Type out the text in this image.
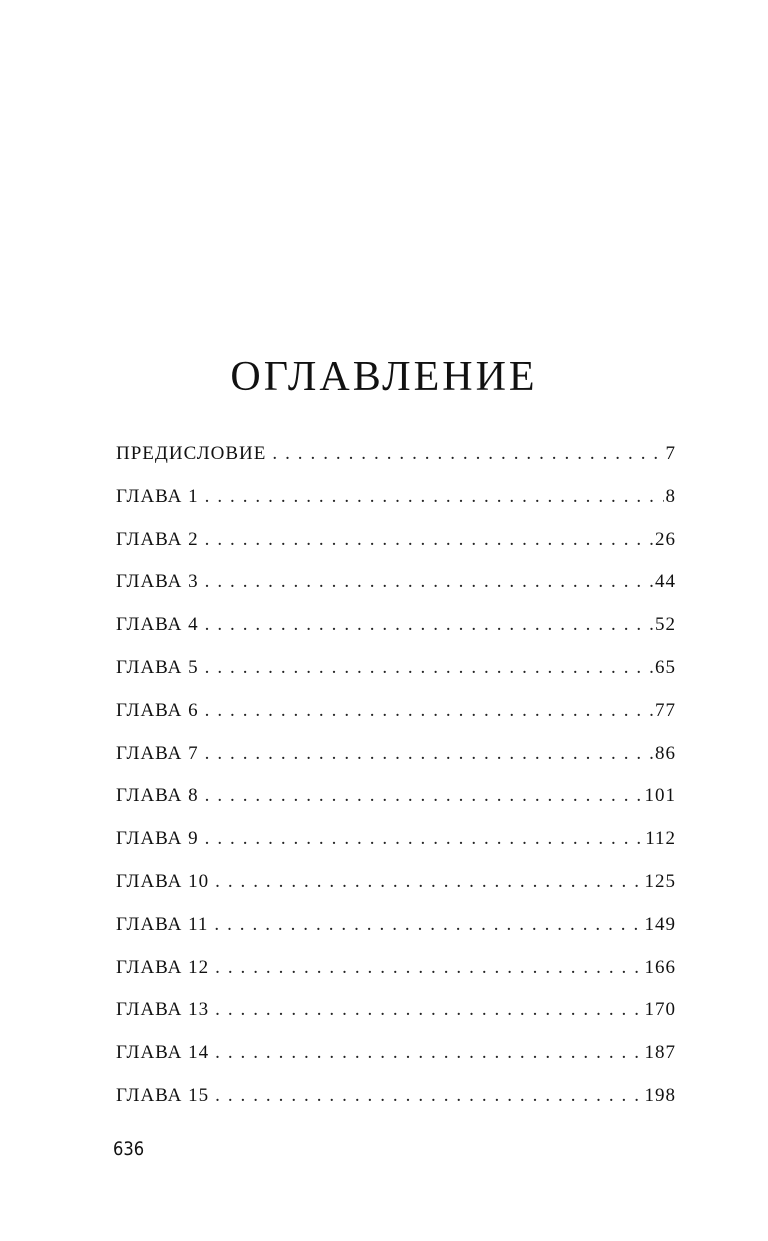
ОГЛАВЛЕНИЕ
ПРЕДИСЛОВИЕ . . .	7
ГЛАВА 1 . . .	8
ГЛАВА 2 . . .	26
ГЛАВА 3 . . .	44
ГЛАВА 4 . . .	52
ГЛАВА 5 . . .	65
ГЛАВА 6 . . .	77
ГЛАВА 7 . . .	86
ГЛАВА 8 . . .	101
ГЛАВА 9 . . .	112
ГЛАВА 10 . . .	125
ГЛАВА 11 . . .	149
ГЛАВА 12 . . .	166
ГЛАВА 13 . . .	170
ГЛАВА 14 . . .	187
ГЛАВА 15 . . .	198
636
